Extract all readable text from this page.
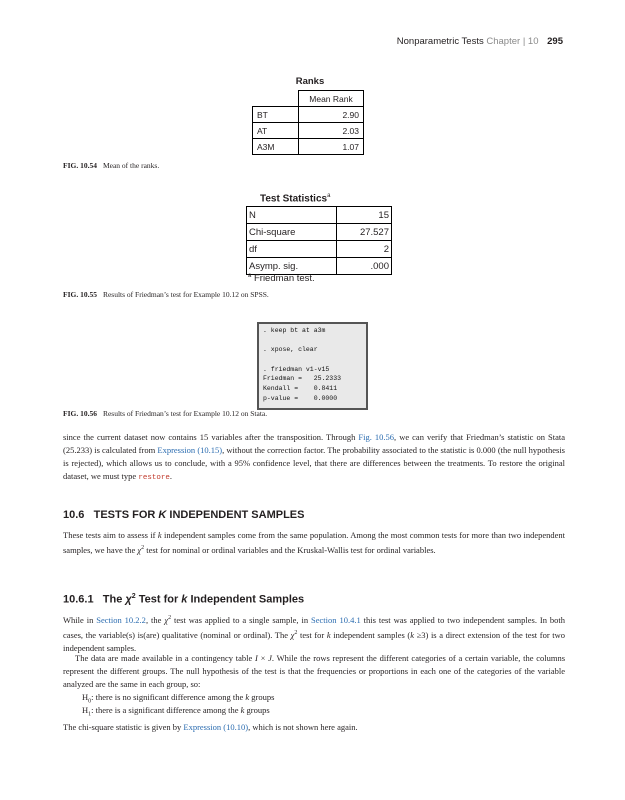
Nonparametric Tests Chapter | 10 295
Ranks
	Mean Rank
BT	2.90
AT	2.03
A3M	1.07
FIG. 10.54 Mean of the ranks.
Test Statistics$^a$
N	15
Chi-square	27.527
df	2
Asymp. sig.	.000
$^a$ Friedman test.
FIG. 10.55 Results of Friedman’s test for Example 10.12 on SPSS.
. keep bt at a3m
. xpose, clear
. friedman v1-v15
Friedman =   25.2333
Kendall =    0.8411
p-value =    0.0000
FIG. 10.56 Results of Friedman’s test for Example 10.12 on Stata.
since the current dataset now contains 15 variables after the transposition. Through Fig. 10.56, we can verify that Friedman’s statistic on Stata (25.233) is calculated from Expression (10.15), without the correction factor. The probability associated to the statistic is 0.000 (the null hypothesis is rejected), which allows us to conclude, with a 95% confidence level, that there are differences between the treatments. To restore the original dataset, we must type restore.
10.6 TESTS FOR K INDEPENDENT SAMPLES
These tests aim to assess if k independent samples come from the same population. Among the most common tests for more than two independent samples, we have the $\chi^2$ test for nominal or ordinal variables and the Kruskal-Wallis test for ordinal variables.
10.6.1 The $\chi^2$ Test for k Independent Samples
While in Section 10.2.2, the $\chi^2$ test was applied to a single sample, in Section 10.4.1 this test was applied to two independent samples. In both cases, the variable(s) is(are) qualitative (nominal or ordinal). The $\chi^2$ test for k independent samples (k ≥3) is a direct extension of the test for two independent samples.
The data are made available in a contingency table I × J. While the rows represent the different categories of a certain variable, the columns represent the different groups. The null hypothesis of the test is that the frequencies or proportions in each one of the categories of the variable analyzed are the same in each group, so:
$H_0$: there is no significant difference among the k groups
$H_1$: there is a significant difference among the k groups
The chi-square statistic is given by Expression (10.10), which is not shown here again.
